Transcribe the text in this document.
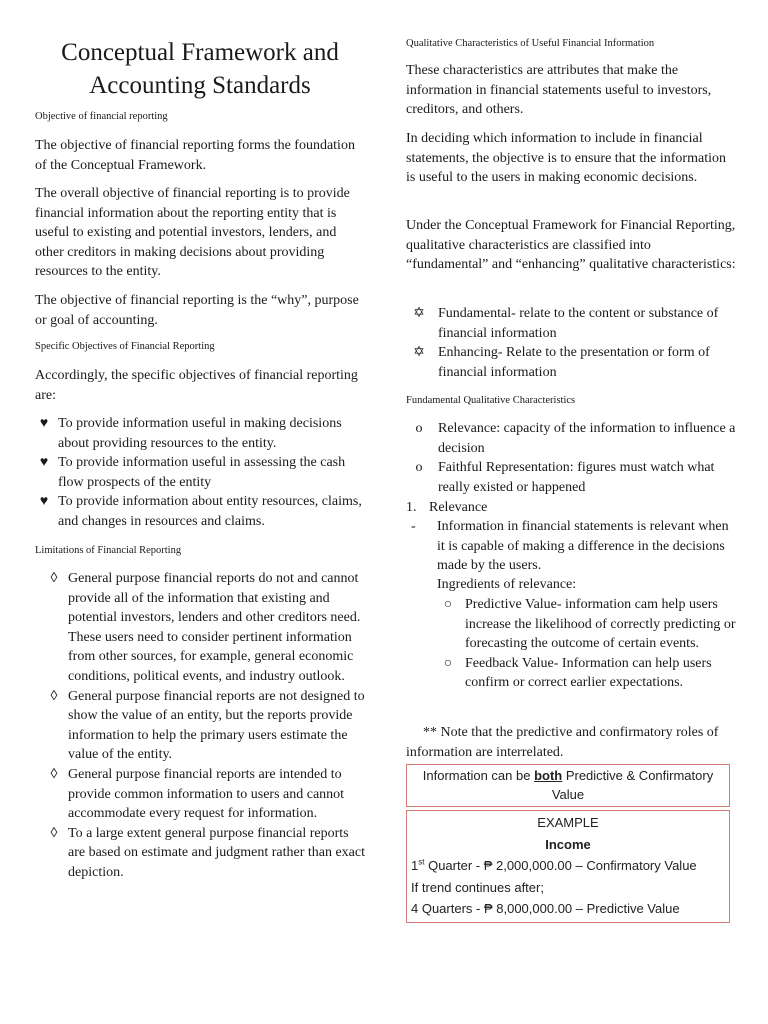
Conceptual Framework and Accounting Standards
Objective of financial reporting

The objective of financial reporting forms the foundation of the Conceptual Framework.

The overall objective of financial reporting is to provide financial information about the reporting entity that is useful to existing and potential investors, lenders, and other creditors in making decisions about providing resources to the entity.

The objective of financial reporting is the “why”, purpose or goal of accounting.

Specific Objectives of Financial Reporting

Accordingly, the specific objectives of financial reporting are:

♥ To provide information useful in making decisions about providing resources to the entity.
♥ To provide information useful in assessing the cash flow prospects of the entity
♥ To provide information about entity resources, claims, and changes in resources and claims.
Limitations of Financial Reporting
◊ General purpose financial reports do not and cannot provide all of the information that existing and potential investors, lenders and other creditors need. These users need to consider pertinent information from other sources, for example, general economic conditions, political events, and industry outlook.
◊ General purpose financial reports are not designed to show the value of an entity, but the reports provide information to help the primary users estimate the value of the entity.
◊ General purpose financial reports are intended to provide common information to users and cannot accommodate every request for information.
◊ To a large extent general purpose financial reports are based on estimate and judgment rather than exact depiction.
Qualitative Characteristics of Useful Financial Information

These characteristics are attributes that make the information in financial statements useful to investors, creditors, and others.

In deciding which information to include in financial statements, the objective is to ensure that the information is useful to the users in making economic decisions.

Under the Conceptual Framework for Financial Reporting, qualitative characteristics are classified into “fundamental” and “enhancing” qualitative characteristics:

✡ Fundamental- relate to the content or substance of financial information
✡ Enhancing- Relate to the presentation or form of financial information
Fundamental Qualitative Characteristics
o	Relevance: capacity of the information to influence a decision
o	Faithful Representation: figures must watch what really existed or happened
1. Relevance
- Information in financial statements is relevant when it is capable of making a difference in the decisions made by the users.

Ingredients of relevance:
○ Predictive Value- information cam help users increase the likelihood of correctly predicting or forecasting the outcome of certain events.
○ Feedback Value- Information can help users confirm or correct earlier expectations.

** Note that the predictive and confirmatory roles of information are interrelated.

Information can be both Predictive & Confirmatory Value
EXAMPLE
Income
1st Quarter - ₱ 2,000,000.00 – Confirmatory Value
If trend continues after;
4 Quarters - ₱ 8,000,000.00 – Predictive Value
